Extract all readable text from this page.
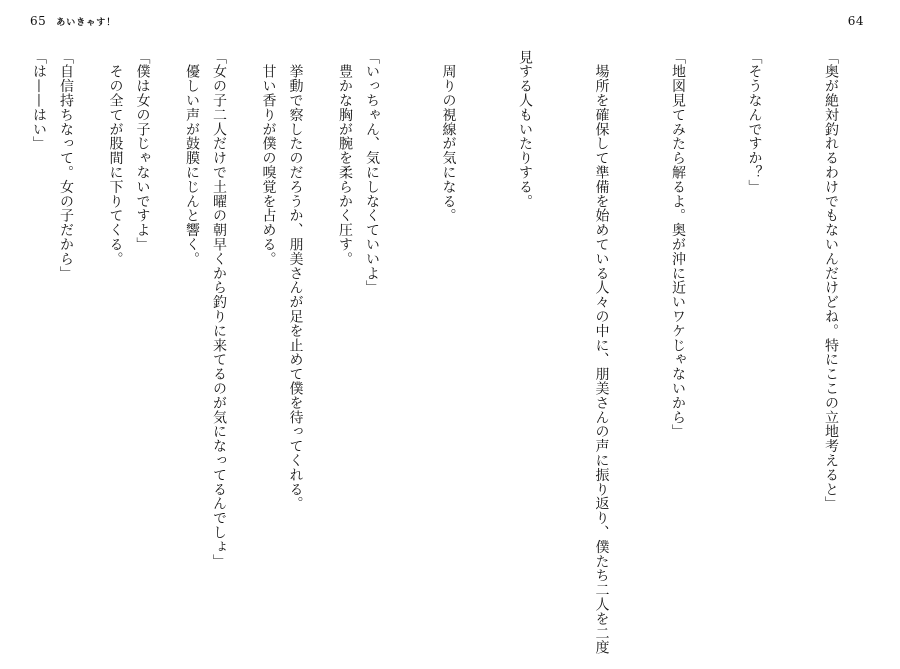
65 あいきゃす！

　豊かな胸が腕を柔らかく圧す。

　甘い香りが僕の嗅覚を占める。

　優しい声が鼓膜にじんと響く。

　その全てが股間に下りてくる。

「は——はい」

64

「奥が絶対釣れるわけでもないんだけどね。特にここの立地考えると」

「そうなんですか？」

「地図見てみたら解るよ。奥が沖に近いワケじゃないから」

　場所を確保して準備を始めている人々の中に、朋美さんの声に振り返り、僕たち二人を二度

見する人もいたりする。

　周りの視線が気になる。

「いっちゃん、気にしなくていいよ」

　挙動で察したのだろうか、朋美さんが足を止めて僕を待ってくれる。

「女の子二人だけで土曜の朝早くから釣りに来てるのが気になってるんでしょ」

「僕は女の子じゃないですよ」

「自信持ちなって。女の子だから」
